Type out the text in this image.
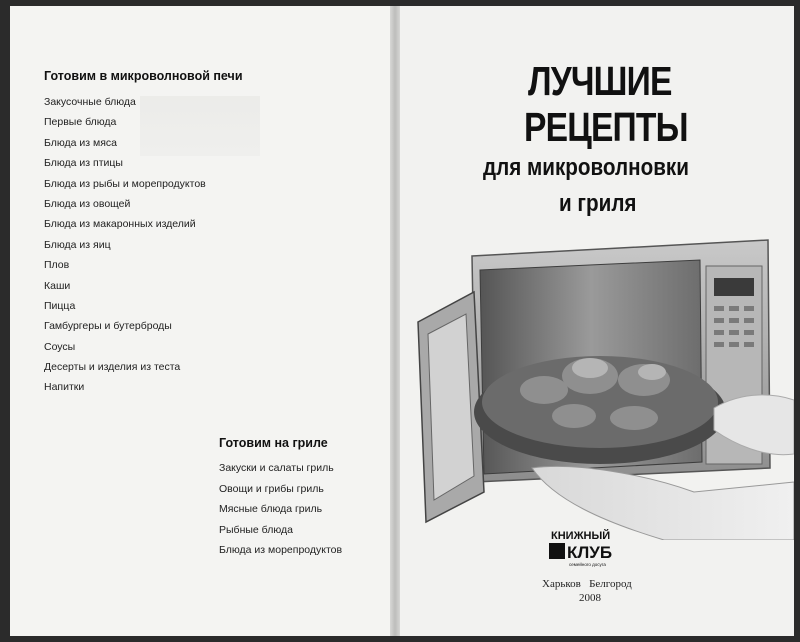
Готовим в микроволновой печи
Закусочные блюда
Первые блюда
Блюда из мяса
Блюда из птицы
Блюда из рыбы и морепродуктов
Блюда из овощей
Блюда из макаронных изделий
Блюда из яиц
Плов
Каши
Пицца
Гамбургеры и бутерброды
Соусы
Десерты и изделия из теста
Напитки
Готовим на гриле
Закуски и салаты гриль
Овощи и грибы гриль
Мясные блюда гриль
Рыбные блюда
Блюда из морепродуктов
ЛУЧШИЕ
РЕЦЕПТЫ
для микроволновки
и гриля
КНИЖНЫЙ
КЛУБ
семейного досуга
Харьков   Белгород
2008
